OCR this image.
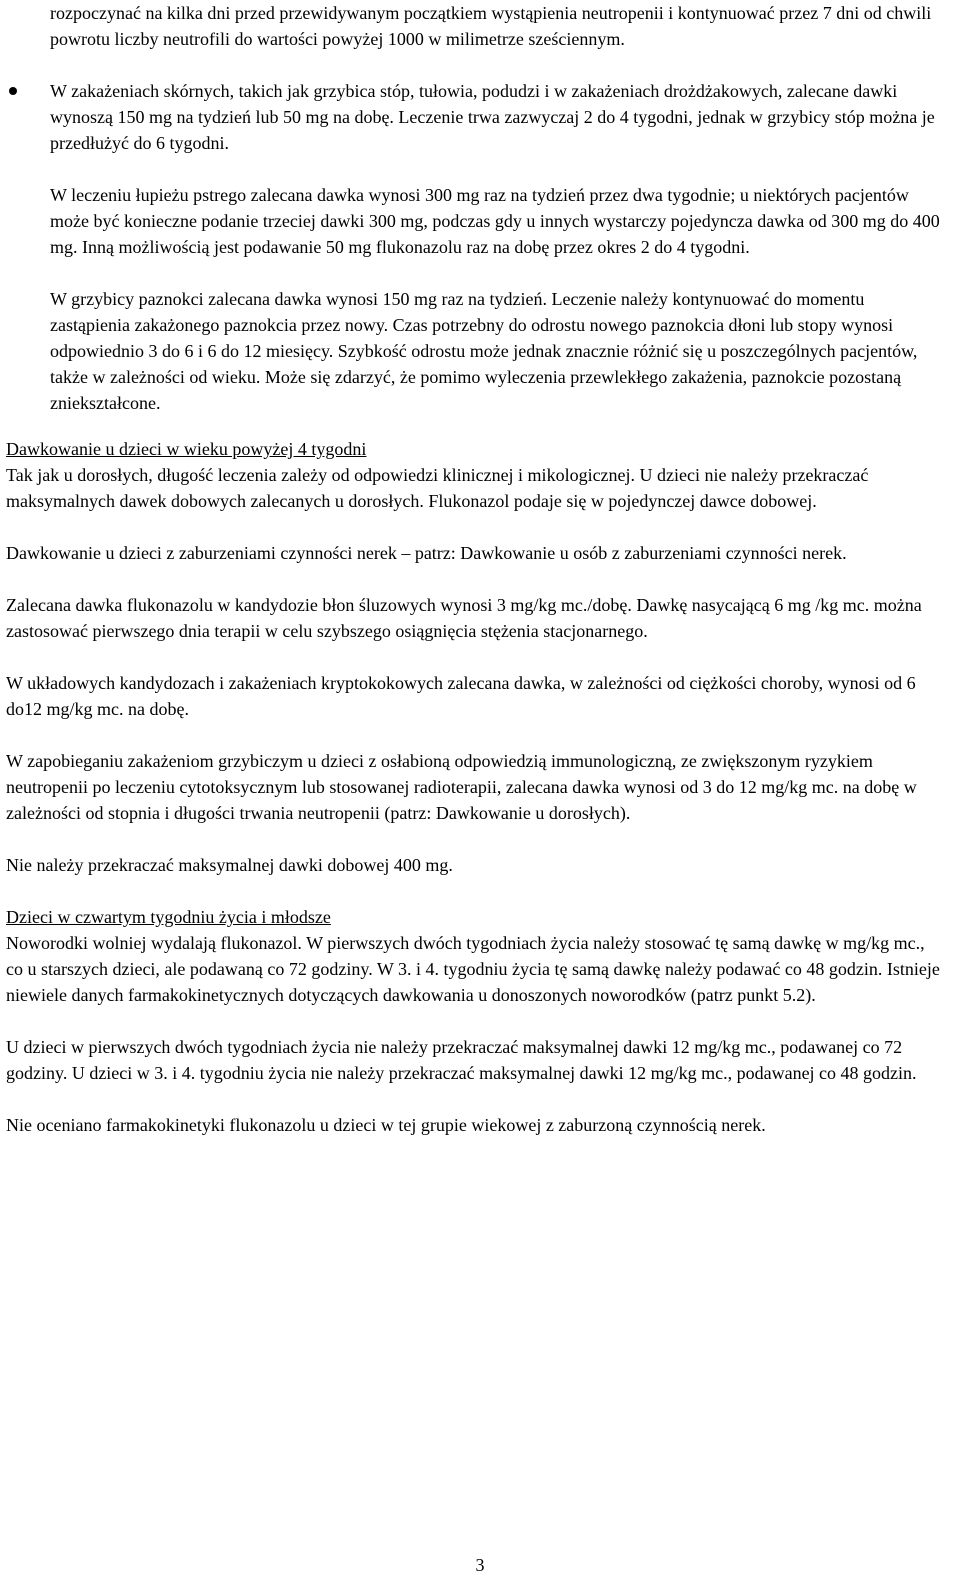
rozpoczynać na kilka dni przed przewidywanym początkiem wystąpienia neutropenii i kontynuować przez 7 dni od chwili powrotu liczby neutrofili do wartości powyżej 1000 w milimetrze sześciennym.

W zakażeniach skórnych, takich jak grzybica stóp, tułowia, podudzi i w zakażeniach drożdżakowych, zalecane dawki wynoszą 150 mg na tydzień lub 50 mg na dobę. Leczenie trwa zazwyczaj 2 do 4 tygodni, jednak w grzybicy stóp można je przedłużyć do 6 tygodni.

W leczeniu łupieżu pstrego zalecana dawka wynosi 300 mg raz na tydzień przez dwa tygodnie; u niektórych pacjentów może być konieczne podanie trzeciej dawki 300 mg, podczas gdy u innych wystarczy pojedyncza dawka od 300 mg do 400 mg. Inną możliwością jest podawanie 50 mg flukonazolu raz na dobę przez okres 2 do 4 tygodni.

W grzybicy paznokci zalecana dawka wynosi 150 mg raz na tydzień. Leczenie należy kontynuować do momentu zastąpienia zakażonego paznokcia przez nowy. Czas potrzebny do odrostu nowego paznokcia dłoni lub stopy wynosi odpowiednio 3 do 6 i 6 do 12 miesięcy. Szybkość odrostu może jednak znacznie różnić się u poszczególnych pacjentów, także w zależności od wieku. Może się zdarzyć, że pomimo wyleczenia przewlekłego zakażenia, paznokcie pozostaną zniekształcone.

Dawkowanie u dzieci w wieku powyżej 4 tygodni

Tak jak u dorosłych, długość leczenia zależy od odpowiedzi klinicznej i mikologicznej. U dzieci nie należy przekraczać maksymalnych dawek dobowych zalecanych u dorosłych. Flukonazol podaje się w pojedynczej dawce dobowej.

Dawkowanie u dzieci z zaburzeniami czynności nerek – patrz: Dawkowanie u osób z zaburzeniami czynności nerek.

Zalecana dawka flukonazolu w kandydozie błon śluzowych wynosi 3 mg/kg mc./dobę. Dawkę nasycającą 6 mg /kg mc. można zastosować pierwszego dnia terapii w celu szybszego osiągnięcia stężenia stacjonarnego.

W układowych kandydozach i zakażeniach kryptokokowych zalecana dawka, w zależności od ciężkości choroby, wynosi od 6 do12 mg/kg mc. na dobę.

W zapobieganiu zakażeniom grzybiczym u dzieci z osłabioną odpowiedzią immunologiczną, ze zwiększonym ryzykiem neutropenii po leczeniu cytotoksycznym lub stosowanej radioterapii, zalecana dawka wynosi od 3 do 12 mg/kg mc. na dobę w zależności od stopnia i długości trwania neutropenii (patrz: Dawkowanie u dorosłych).

Nie należy przekraczać maksymalnej dawki dobowej 400 mg.

Dzieci w czwartym tygodniu życia i młodsze

Noworodki wolniej wydalają flukonazol. W pierwszych dwóch tygodniach życia należy stosować tę samą dawkę w mg/kg mc., co u starszych dzieci, ale podawaną co 72 godziny. W 3. i 4. tygodniu życia tę samą dawkę należy podawać co 48 godzin. Istnieje niewiele danych farmakokinetycznych dotyczących dawkowania u donoszonych noworodków (patrz punkt 5.2).

U dzieci w pierwszych dwóch tygodniach życia nie należy przekraczać maksymalnej dawki 12 mg/kg mc., podawanej co 72 godziny. U dzieci w 3. i 4. tygodniu życia nie należy przekraczać maksymalnej dawki 12 mg/kg mc., podawanej co 48 godzin.

Nie oceniano farmakokinetyki flukonazolu u dzieci w tej grupie wiekowej z zaburzoną czynnością nerek.

3
